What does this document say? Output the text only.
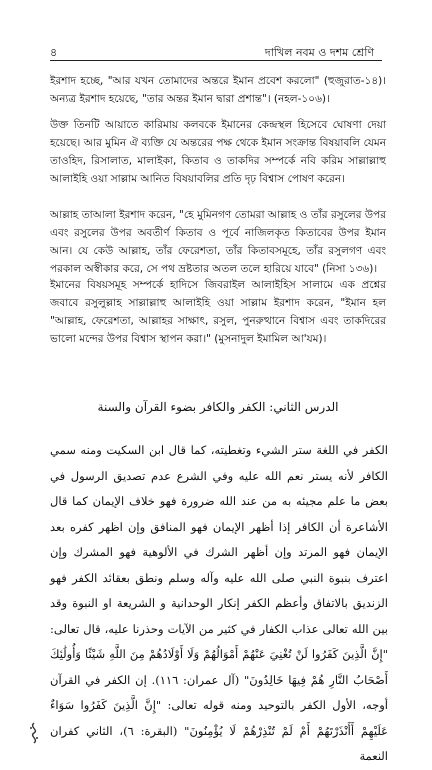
৪	দাখিল নবম ও দশম শ্রেণি

ইরশাদ হচ্ছে, "আর যখন তোমাদের অন্তরে ইমান প্রবেশ করলো" (হুজুরাত-১৪)। অন্যত্র ইরশাদ হয়েছে, "তার অন্তর ইমান দ্বারা প্রশান্ত"। (নহল-১০৬)।

উক্ত তিনটি আয়াতে কারিমায় কলবকে ইমানের কেন্দ্রস্থল হিসেবে ঘোষণা দেয়া হয়েছে। আর মুমিন ঐ ব্যক্তি যে অন্তরের পক্ষ থেকে ইমান সংক্রান্ত বিষয়াবলি যেমন তাওহিদ, রিসালাত, মালাইকা, কিতাব ও তাকদির সম্পর্কে নবি করিম সাল্লাল্লাহু আলাইহি ওয়া সাল্লাম আনিত বিষয়াবলির প্রতি দৃঢ় বিশ্বাস পোষণ করেন।

আল্লাহ তাআলা ইরশাদ করেন, "হে মুমিনগণ তোমরা আল্লাহ ও তাঁর রসুলের উপর এবং রসুলের উপর অবতীর্ণ কিতাব ও পূর্বে নাজিলকৃত কিতাবের উপর ইমান আন। যে কেউ আল্লাহ, তাঁর ফেরেশতা, তাঁর কিতাবসমূহে, তাঁর রসুলগণ এবং পরকাল অস্বীকার করে, সে পথ ভ্রষ্টতার অতল তলে হারিয়ে যাবে" (নিসা ১৩৬)।

ইমানের বিষয়সমূহ সম্পর্কে হাদিসে জিবরাইল আলাইহিস সালামে এক প্রশ্নের জবাবে রসুলুল্লাহ সাল্লাল্লাহু আলাইহি ওয়া সাল্লাম ইরশাদ করেন, "ইমান হল "আল্লাহ, ফেরেশতা, আল্লাহর সাক্ষাৎ, রসুল, পুনরুত্থানে বিশ্বাস এবং তাকদিরের ভালো মন্দের উপর বিশ্বাস স্থাপন করা।" (মুসনাদুল ইমামিল আ'যম)।

الدرس الثاني: الكفر والكافر بضوء القرآن والسنة

الكفر في اللغة ستر الشيء وتغطيته، كما قال ابن السكيت ومنه سمي الكافر لأنه يستر نعم الله عليه وفي الشرع عدم تصديق الرسول في بعض ما علم مجيئه به من عند الله ضرورة فهو خلاف الإيمان كما قال الأشاعرة أن الكافر إذا أظهر الإيمان فهو المنافق وإن اظهر كفره بعد الإيمان فهو المرتد وإن أظهر الشرك في الألوهية فهو المشرك وإن اعترف بنبوة النبي صلى الله عليه وآله وسلم ونطق بعقائد الكفر فهو الزنديق بالاتفاق وأعظم الكفر إنكار الوحدانية و الشريعة او النبوة وقد بين الله تعالى عذاب الكفار في كثير من الآيات وحذرنا عليه، قال تعالى: "إِنَّ الَّذِينَ كَفَرُوا لَنْ تُغْنِيَ عَنْهُمْ أَمْوَالُهُمْ وَلَا أَوْلَادُهُمْ مِنَ اللَّهِ شَيْئًا وَأُولَٰئِكَ أَصْحَابُ النَّارِ هُمْ فِيهَا خَالِدُونَ" (آل عمران: ١١٦). إن الكفر في القرآن أوجه، الأول الكفر بالتوحيد ومنه قوله تعالى: "إِنَّ الَّذِينَ كَفَرُوا سَوَاءٌ عَلَيْهِمْ أَأَنْذَرْتَهُمْ أَمْ لَمْ تُنْذِرْهُمْ لَا يُؤْمِنُونَ" (البقرة: ٦)، الثاني كفران النعمة
